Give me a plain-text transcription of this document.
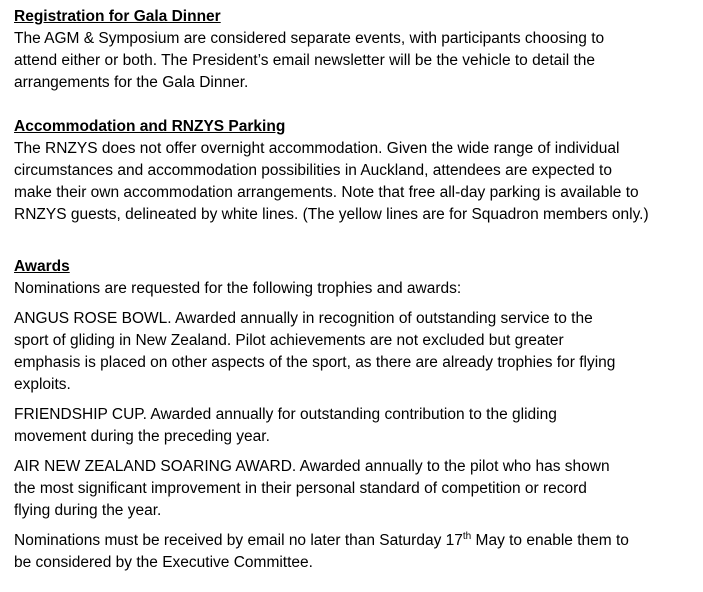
Registration for Gala Dinner

The AGM & Symposium are considered separate events, with participants choosing to

attend either or both. The President’s email newsletter will be the vehicle to detail the

arrangements for the Gala Dinner.

Accommodation and RNZYS Parking

The RNZYS does not offer overnight accommodation. Given the wide range of individual

circumstances and accommodation possibilities in Auckland, attendees are expected to

make their own accommodation arrangements. Note that free all-day parking is available to

RNZYS guests, delineated by white lines. (The yellow lines are for Squadron members only.)

Awards

Nominations are requested for the following trophies and awards:

ANGUS ROSE BOWL. Awarded annually in recognition of outstanding service to the

sport of gliding in New Zealand. Pilot achievements are not excluded but greater

emphasis is placed on other aspects of the sport, as there are already trophies for flying

exploits.

FRIENDSHIP CUP. Awarded annually for outstanding contribution to the gliding

movement during the preceding year.

AIR NEW ZEALAND SOARING AWARD. Awarded annually to the pilot who has shown

the most significant improvement in their personal standard of competition or record

flying during the year.

Nominations must be received by email no later than Saturday 17th May to enable them to

be considered by the Executive Committee.
